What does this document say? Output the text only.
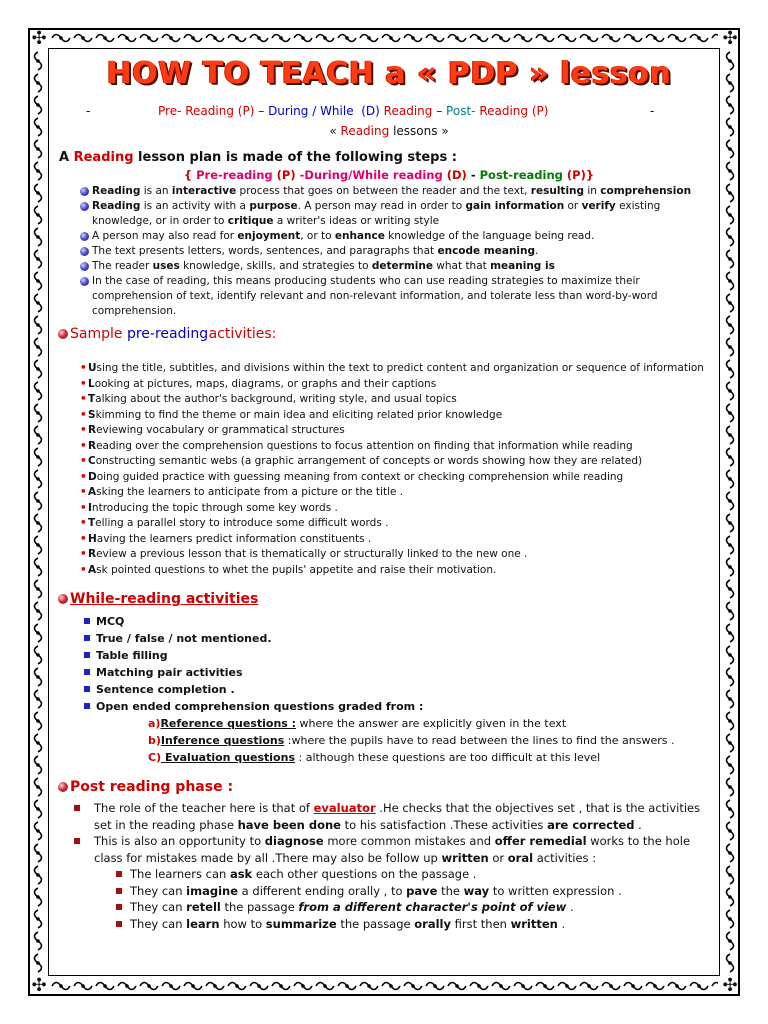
✣	✣
✣	✣
HOW TO TEACH a « PDP » lesson
-	Pre- Reading (P) – During / While (D) Reading – Post- Reading (P)	-
« Reading lessons »
A Reading lesson plan is made of the following steps :
{ Pre-reading (P) -During/While reading (D) - Post-reading (P)}
Reading is an interactive process that goes on between the reader and the text, resulting in comprehension
Reading is an activity with a purpose. A person may read in order to gain information or verify existing knowledge, or in order to critique a writer's ideas or writing style
A person may also read for enjoyment, or to enhance knowledge of the language being read.
The text presents letters, words, sentences, and paragraphs that encode meaning.
The reader uses knowledge, skills, and strategies to determine what that meaning is
In the case of reading, this means producing students who can use reading strategies to maximize their comprehension of text, identify relevant and non-relevant information, and tolerate less than word-by-word comprehension.
Sample pre-reading activities:
• Using the title, subtitles, and divisions within the text to predict content and organization or sequence of information
• Looking at pictures, maps, diagrams, or graphs and their captions
• Talking about the author's background, writing style, and usual topics
• Skimming to find the theme or main idea and eliciting related prior knowledge
• Reviewing vocabulary or grammatical structures
• Reading over the comprehension questions to focus attention on finding that information while reading
• Constructing semantic webs (a graphic arrangement of concepts or words showing how they are related)
• Doing guided practice with guessing meaning from context or checking comprehension while reading
• Asking the learners to anticipate from a picture or the title .
• Introducing the topic through some key words .
• Telling a parallel story to introduce some difficult words .
• Having the learners predict information constituents .
• Review a previous lesson that is thematically or structurally linked to the new one .
• Ask pointed questions to whet the pupils' appetite and raise their motivation.
While-reading activities
MCQ
True / false / not mentioned.
Table filling
Matching pair activities
Sentence completion .
Open ended comprehension questions graded from :
a)Reference questions : where the answer are explicitly given in the text
b)Inference questions :where the pupils have to read between the lines to find the answers .
C) Evaluation questions : although these questions are too difficult at this level
Post reading phase :
The role of the teacher here is that of evaluator .He checks that the objectives set , that is the activities set in the reading phase have been done to his satisfaction .These activities are corrected .
This is also an opportunity to diagnose more common mistakes and offer remedial works to the hole class for mistakes made by all .There may also be follow up written or oral activities :
The learners can ask each other questions on the passage .
They can imagine a different ending orally , to pave the way to written expression .
They can retell the passage from a different character's point of view .
They can learn how to summarize the passage orally first then written .
